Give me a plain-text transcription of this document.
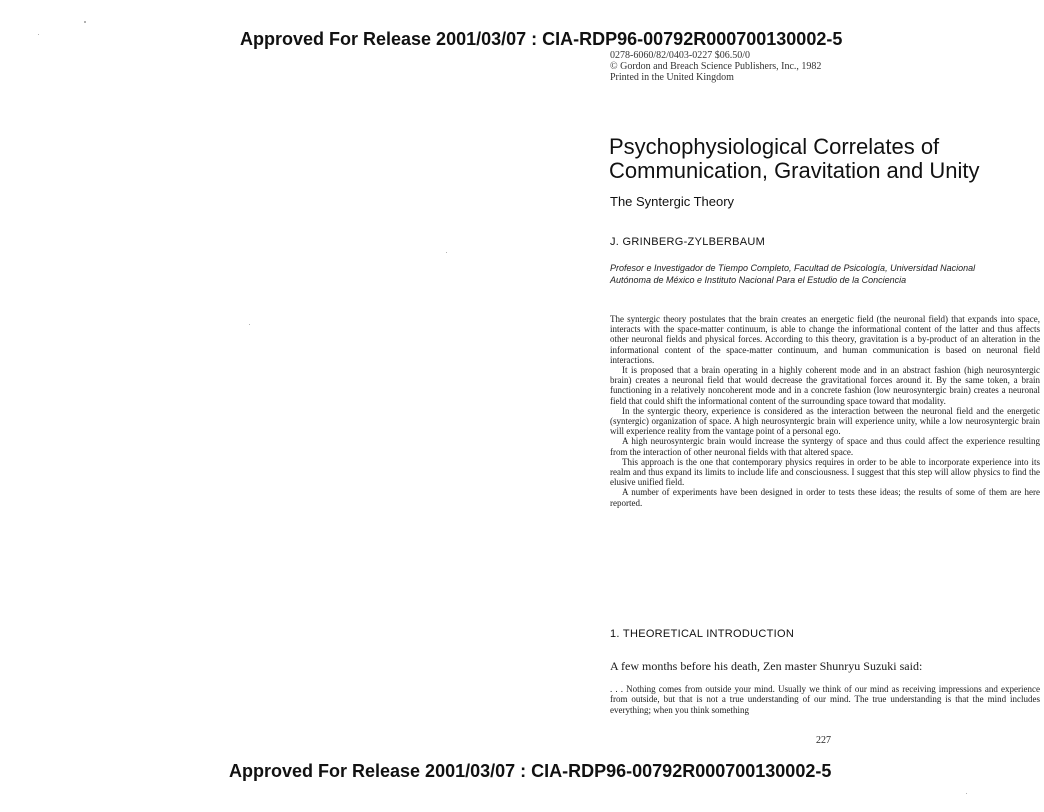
Approved For Release 2001/03/07 : CIA-RDP96-00792R000700130002-5
0278-6060/82/0403-0227 $06.50/0
© Gordon and Breach Science Publishers, Inc., 1982
Printed in the United Kingdom
Psychophysiological Correlates of
Communication, Gravitation and Unity
The Syntergic Theory
J. GRINBERG-ZYLBERBAUM
Profesor e Investigador de Tiempo Completo, Facultad de Psicología, Universidad Nacional
Autónoma de México e Instituto Nacional Para el Estudio de la Conciencia

The syntergic theory postulates that the brain creates an energetic field (the neuronal field) that expands into space, interacts with the space-matter continuum, is able to change the informational content of the latter and thus affects other neuronal fields and physical forces. According to this theory, gravitation is a by-product of an alteration in the informational content of the space-matter continuum, and human communication is based on neuronal field interactions.

It is proposed that a brain operating in a highly coherent mode and in an abstract fashion (high neurosyntergic brain) creates a neuronal field that would decrease the gravitational forces around it. By the same token, a brain functioning in a relatively noncoherent mode and in a concrete fashion (low neurosyntergic brain) creates a neuronal field that could shift the informational content of the surrounding space toward that modality.

In the syntergic theory, experience is considered as the interaction between the neuronal field and the energetic (syntergic) organization of space. A high neurosyntergic brain will experience unity, while a low neurosyntergic brain will experience reality from the vantage point of a personal ego.

A high neurosyntergic brain would increase the syntergy of space and thus could affect the experience resulting from the interaction of other neuronal fields with that altered space.

This approach is the one that contemporary physics requires in order to be able to incorporate experience into its realm and thus expand its limits to include life and consciousness. I suggest that this step will allow physics to find the elusive unified field.

A number of experiments have been designed in order to tests these ideas; the results of some of them are here reported.

1. THEORETICAL INTRODUCTION
A few months before his death, Zen master Shunryu Suzuki said:
. . . Nothing comes from outside your mind. Usually we think of our mind as receiving impressions and experience from outside, but that is not a true understanding of our mind. The true understanding is that the mind includes everything; when you think something
227
Approved For Release 2001/03/07 : CIA-RDP96-00792R000700130002-5
